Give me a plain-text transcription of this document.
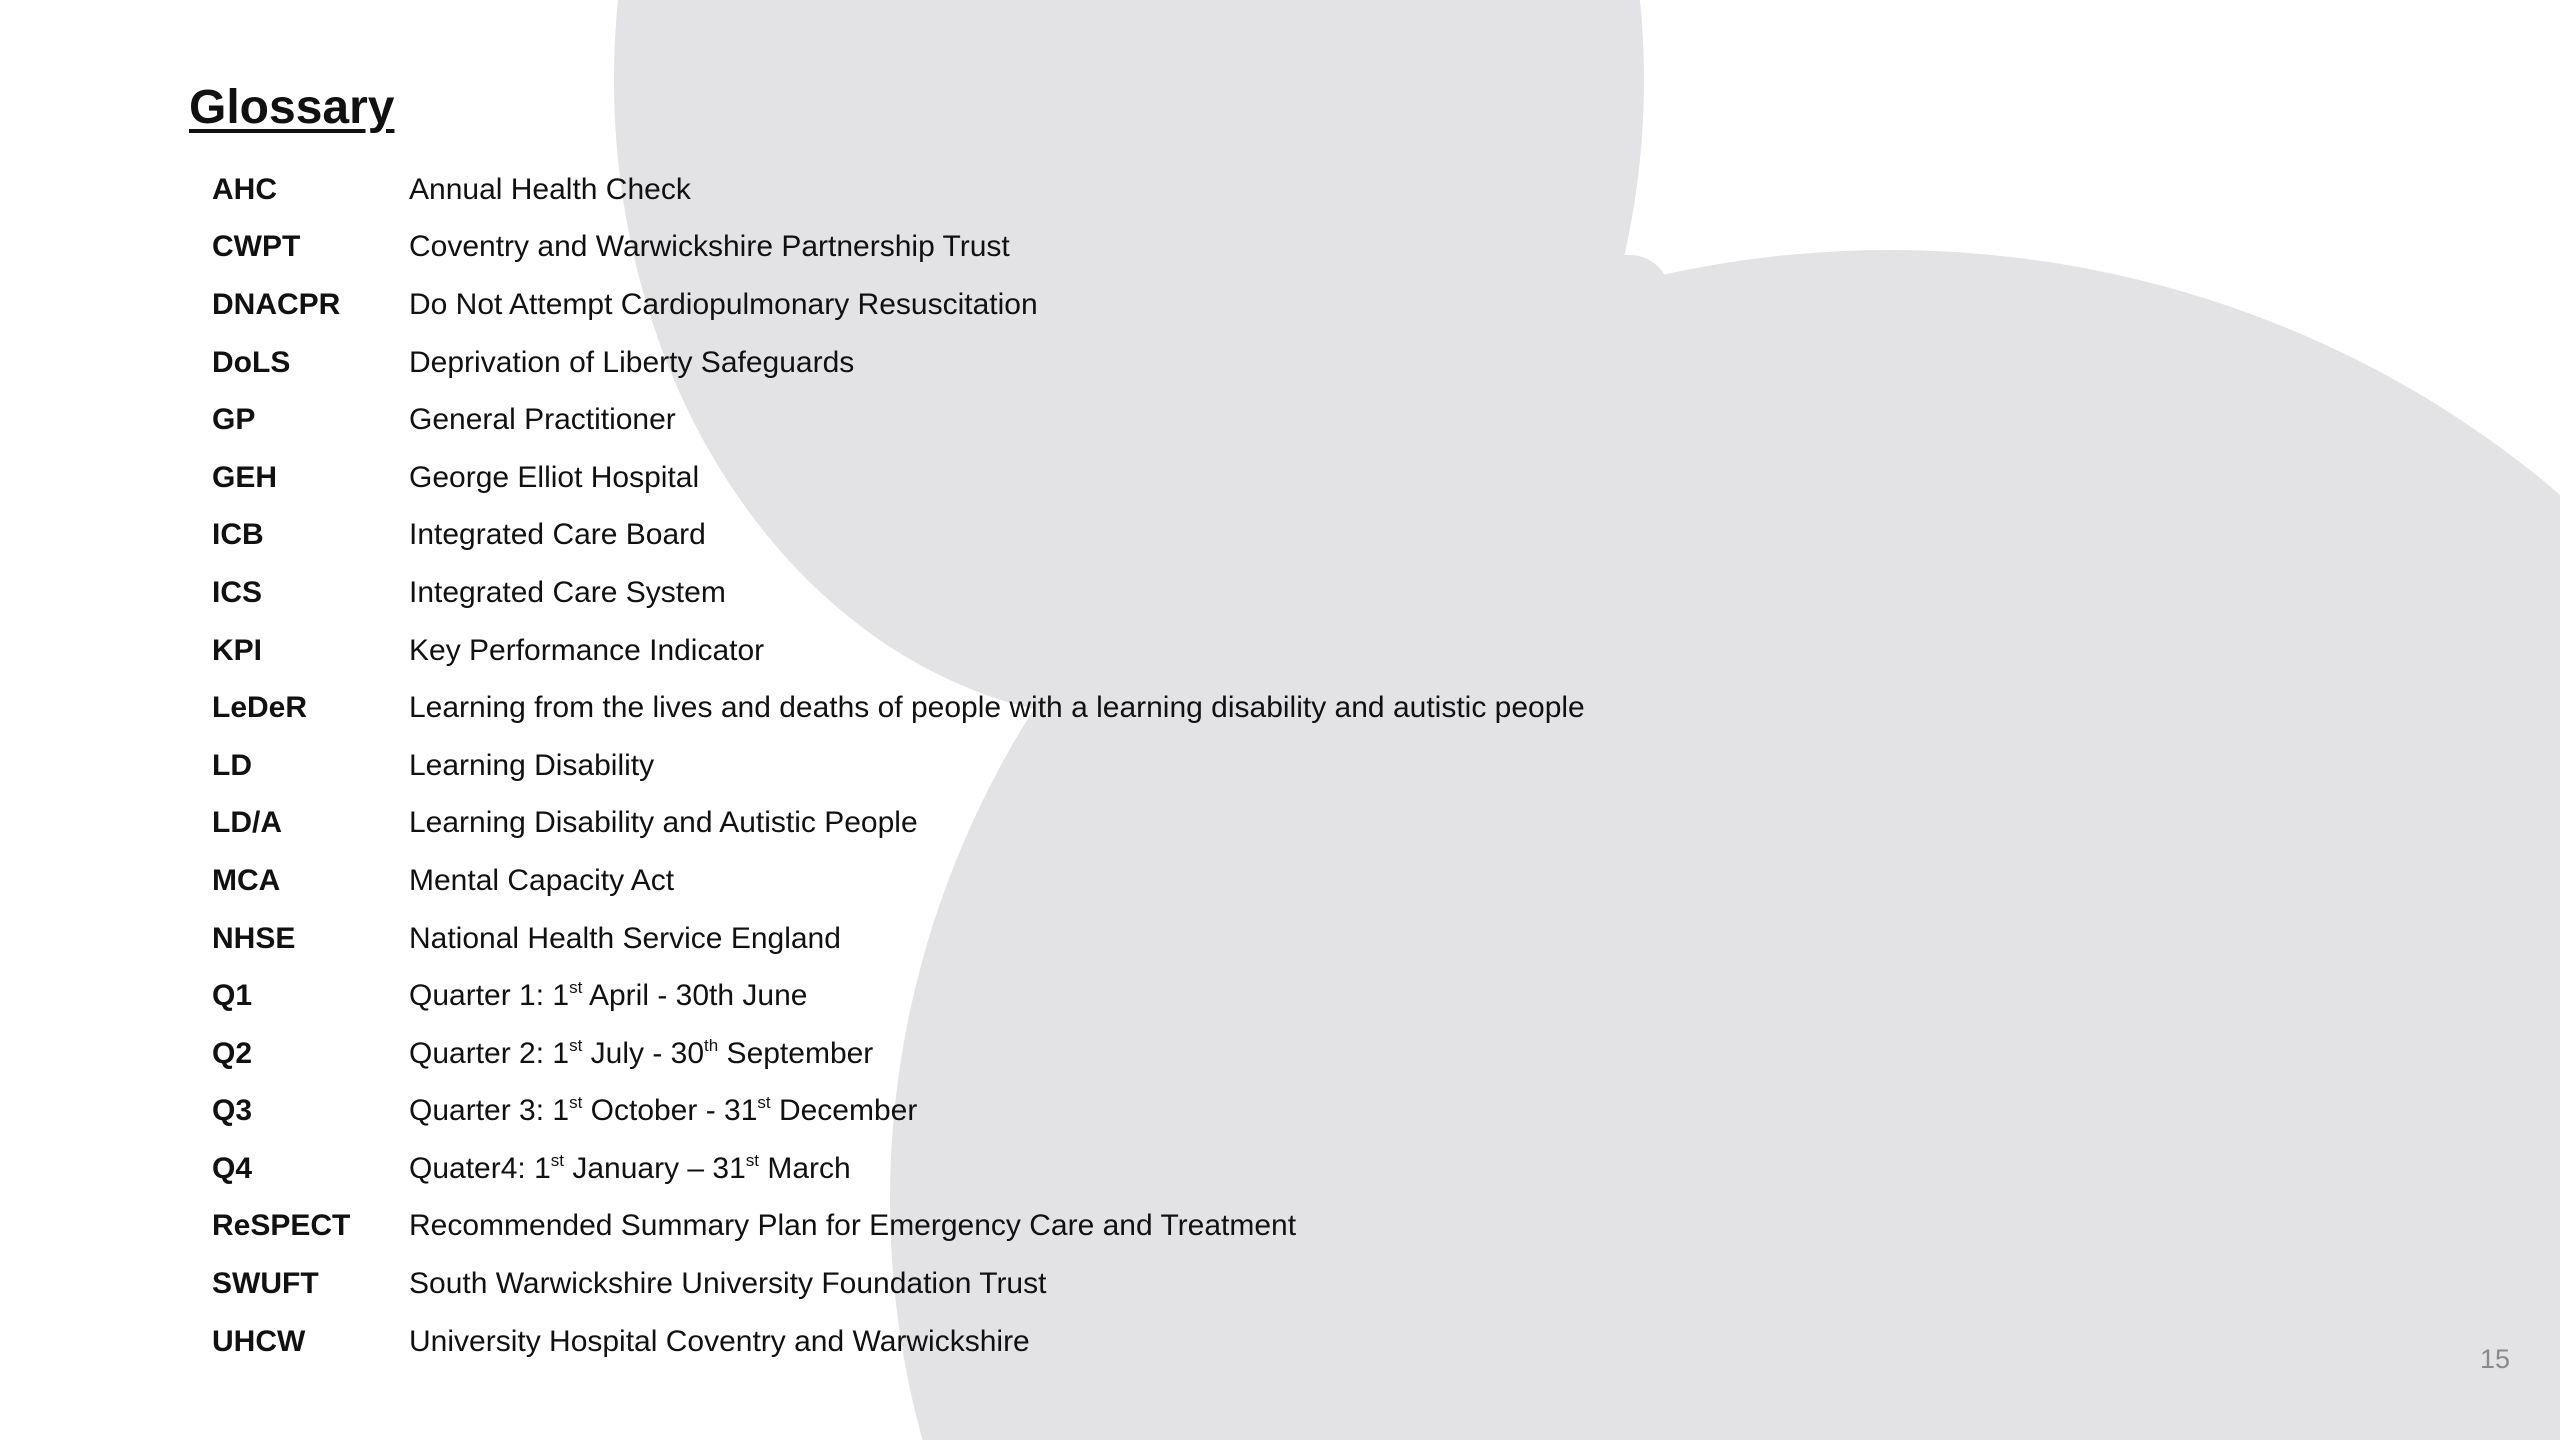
Glossary
AHC	Annual Health Check
CWPT	Coventry and Warwickshire Partnership Trust
DNACPR	Do Not Attempt Cardiopulmonary Resuscitation
DoLS	Deprivation of Liberty Safeguards
GP	General Practitioner
GEH	George Elliot Hospital
ICB	Integrated Care Board
ICS	Integrated Care System
KPI	Key Performance Indicator
LeDeR	Learning from the lives and deaths of people with a learning disability and autistic people
LD	Learning Disability
LD/A	Learning Disability and Autistic People
MCA	Mental Capacity Act
NHSE	National Health Service England
Q1	Quarter 1: 1st April - 30th June
Q2	Quarter 2: 1st July - 30th September
Q3	Quarter 3: 1st October - 31st December
Q4	Quater4: 1st January – 31st March
ReSPECT	Recommended Summary Plan for Emergency Care and Treatment
SWUFT	South Warwickshire University Foundation Trust
UHCW	University Hospital Coventry and Warwickshire
15
